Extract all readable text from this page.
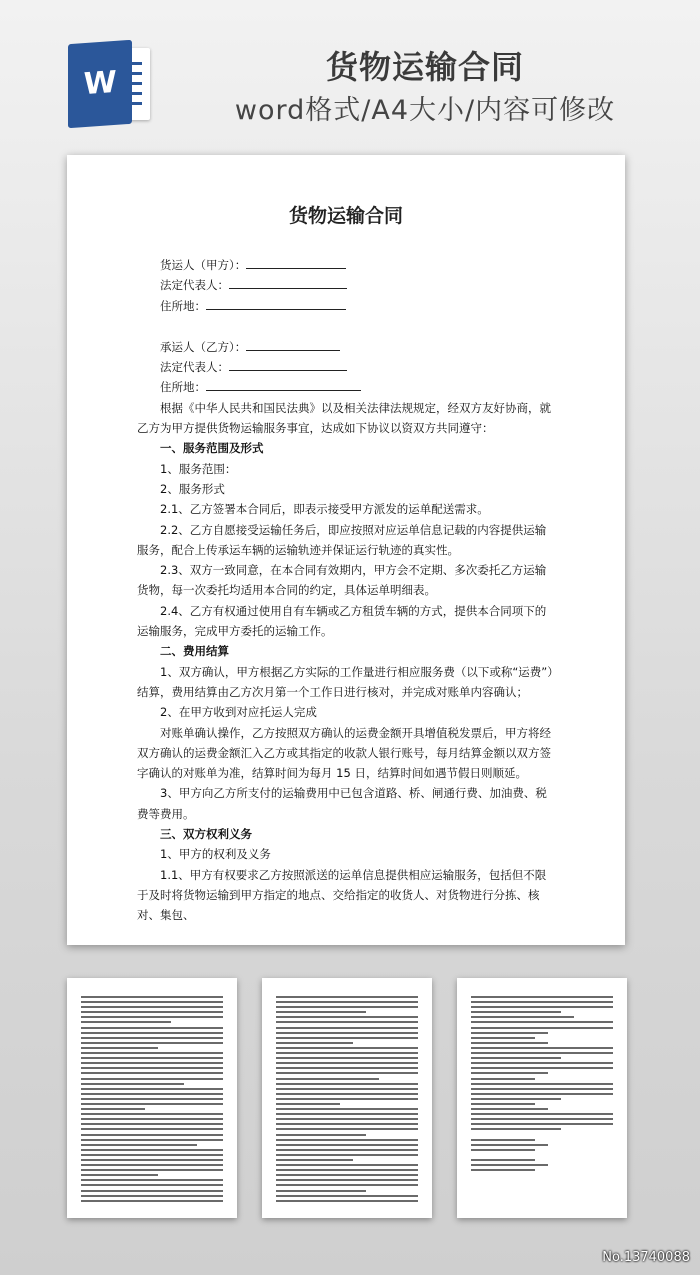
W	货物运输合同
word格式/A4大小/内容可修改
货物运输合同

货运人（甲方）：

法定代表人：

住所地：

承运人（乙方）：

法定代表人：

住所地：

根据《中华人民共和国民法典》以及相关法律法规规定，经双方友好协商，就乙方为甲方提供货物运输服务事宜，达成如下协议以资双方共同遵守：

一、服务范围及形式

1、服务范围：

2、服务形式

2.1、乙方签署本合同后，即表示接受甲方派发的运单配送需求。

2.2、乙方自愿接受运输任务后，即应按照对应运单信息记载的内容提供运输服务，配合上传承运车辆的运输轨迹并保证运行轨迹的真实性。

2.3、双方一致同意，在本合同有效期内，甲方会不定期、多次委托乙方运输货物，每一次委托均适用本合同的约定，具体运单明细表。

2.4、乙方有权通过使用自有车辆或乙方租赁车辆的方式，提供本合同项下的运输服务，完成甲方委托的运输工作。

二、费用结算

1、双方确认，甲方根据乙方实际的工作量进行相应服务费（以下或称“运费”）结算，费用结算由乙方次月第一个工作日进行核对，并完成对账单内容确认；

2、在甲方收到对应托运人完成

对账单确认操作，乙方按照双方确认的运费金额开具增值税发票后，甲方将经双方确认的运费金额汇入乙方或其指定的收款人银行账号，每月结算金额以双方签字确认的对账单为准，结算时间为每月 15 日，结算时间如遇节假日则顺延。

3、甲方向乙方所支付的运输费用中已包含道路、桥、闸通行费、加油费、税费等费用。

三、双方权利义务

1、甲方的权利及义务

1.1、甲方有权要求乙方按照派送的运单信息提供相应运输服务，包括但不限于及时将货物运输到甲方指定的地点、交给指定的收货人、对货物进行分拣、核对、集包、

No.13740088
